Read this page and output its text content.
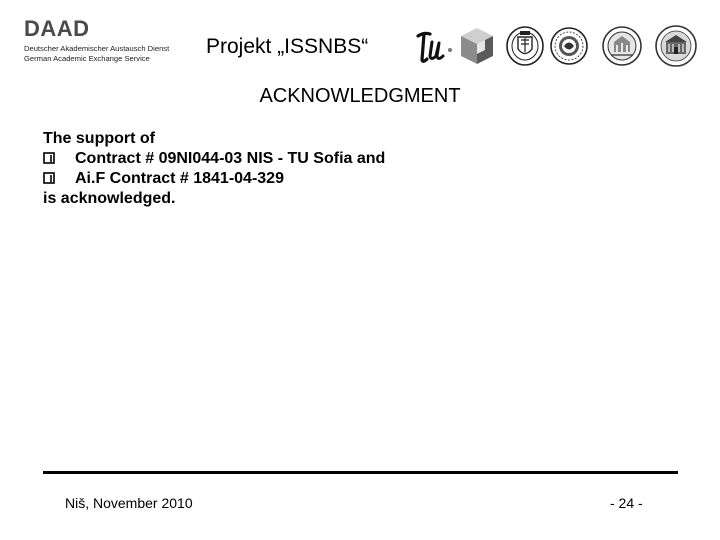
DAAD
Deutscher Akademischer Austausch Dienst
German Academic Exchange Service
Projekt „ISSNBS“
ACKNOWLEDGMENT
The support of
Contract # 09NI044-03 NIS - TU Sofia and
Ai.F Contract # 1841-04-329
is acknowledged.
Niš, November 2010	- 24 -
